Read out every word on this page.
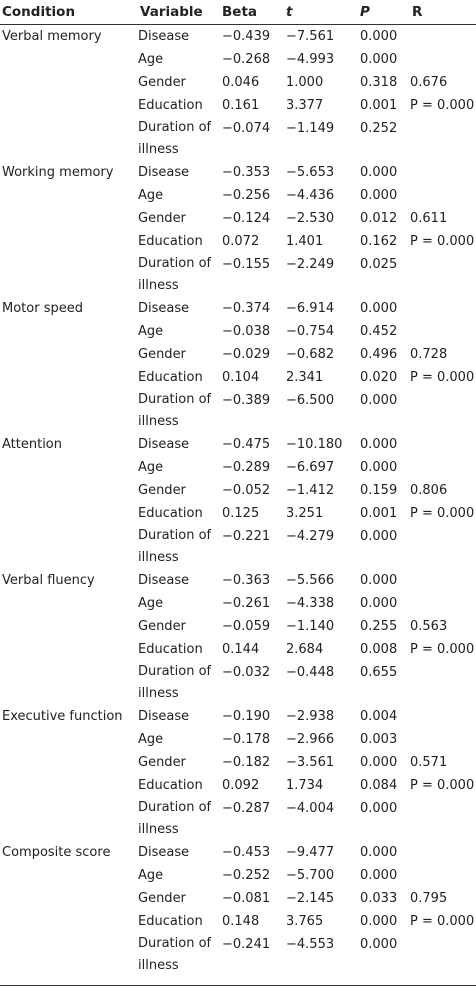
Condition	Variable	Beta	t	P	R
Verbal memory	Disease	−0.439	−7.561	0.000	
	Age	−0.268	−4.993	0.000	
	Gender	0.046	1.000	0.318	0.676
	Education	0.161	3.377	0.001	P = 0.000
	Duration of illness	−0.074	−1.149	0.252	
Working memory	Disease	−0.353	−5.653	0.000	
	Age	−0.256	−4.436	0.000	
	Gender	−0.124	−2.530	0.012	0.611
	Education	0.072	1.401	0.162	P = 0.000
	Duration of illness	−0.155	−2.249	0.025	
Motor speed	Disease	−0.374	−6.914	0.000	
	Age	−0.038	−0.754	0.452	
	Gender	−0.029	−0.682	0.496	0.728
	Education	0.104	2.341	0.020	P = 0.000
	Duration of illness	−0.389	−6.500	0.000	
Attention	Disease	−0.475	−10.180	0.000	
	Age	−0.289	−6.697	0.000	
	Gender	−0.052	−1.412	0.159	0.806
	Education	0.125	3.251	0.001	P = 0.000
	Duration of illness	−0.221	−4.279	0.000	
Verbal fluency	Disease	−0.363	−5.566	0.000	
	Age	−0.261	−4.338	0.000	
	Gender	−0.059	−1.140	0.255	0.563
	Education	0.144	2.684	0.008	P = 0.000
	Duration of illness	−0.032	−0.448	0.655	
Executive function	Disease	−0.190	−2.938	0.004	
	Age	−0.178	−2.966	0.003	
	Gender	−0.182	−3.561	0.000	0.571
	Education	0.092	1.734	0.084	P = 0.000
	Duration of illness	−0.287	−4.004	0.000	
Composite score	Disease	−0.453	−9.477	0.000	
	Age	−0.252	−5.700	0.000	
	Gender	−0.081	−2.145	0.033	0.795
	Education	0.148	3.765	0.000	P = 0.000
	Duration of illness	−0.241	−4.553	0.000	
